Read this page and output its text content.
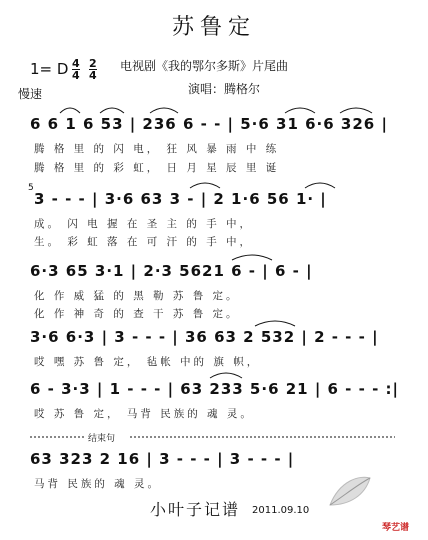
苏鲁定
1= D 4
4
2
4
电视剧《我的鄂尔多斯》片尾曲
演唱：腾格尔
慢速
6 6 1 6 53 | 236 6 - - | 5·6 31 6·6 326 |
腾 格 里 的 闪 电， 狂 风 暴 雨 中 练
腾 格 里 的 彩 虹， 日 月 星 辰 里 诞
5
3 - - - | 3·6 63 3 - | 2 1·6 56 1· |
成。 闪 电 握 在 圣 主 的 手 中，
生。 彩 虹 落 在 可 汗 的 手 中，
6·3 65 3·1 | 2·3 5621 6 - | 6 - |
化 作 威 猛 的 黑 勒 苏 鲁 定。
化 作 神 奇 的 查 干 苏 鲁 定。
3·6 6·3 | 3 - - - | 36 63 2 532 | 2 - - - |
哎 嘿 苏 鲁 定， 毡帐 中的 旗 帜，
6 - 3·3 | 1 - - - | 63 233 5·6 21 | 6 - - - :|
哎 苏 鲁 定， 马背 民族的 魂 灵。
结束句
63 323 2 16 | 3 - - - | 3 - - - |
马背 民族的 魂 灵。
小叶子记谱 2011.09.10
琴艺谱
